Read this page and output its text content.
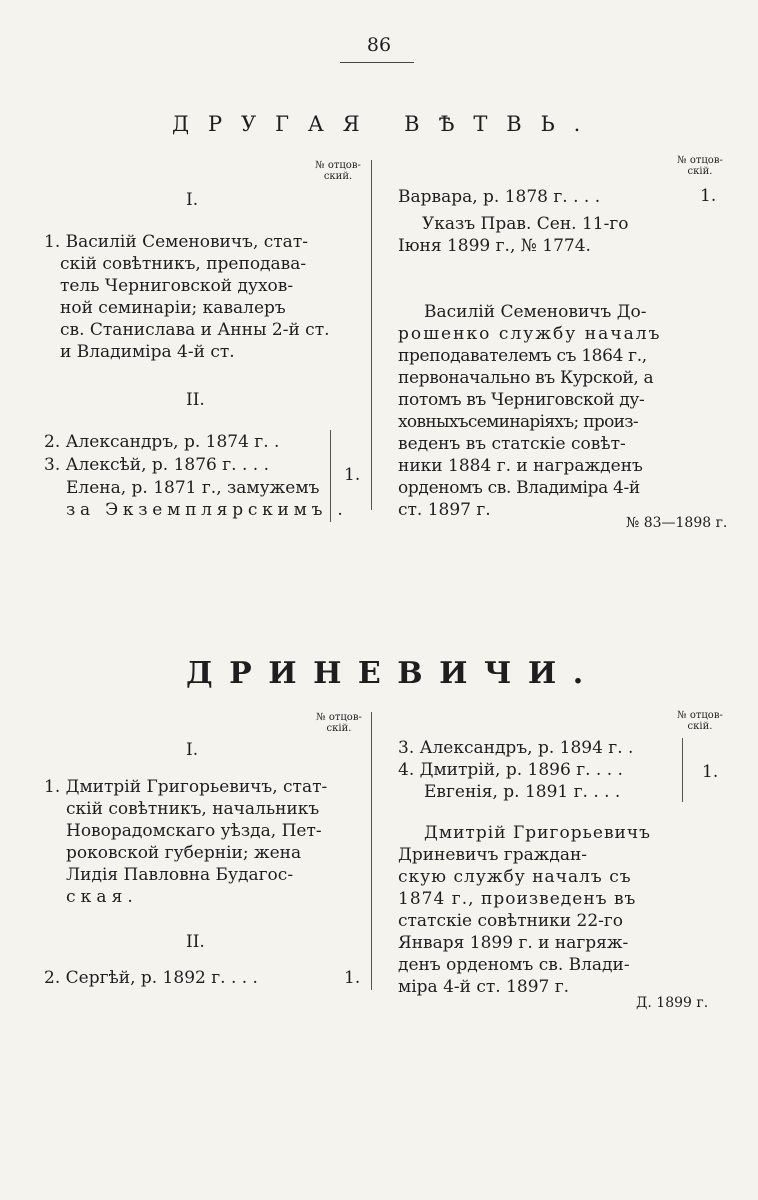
86
ДРУГАЯ ВѢТВЬ.
№ отцов-ский.
I.
1. Василій Семеновичъ, стат-
скій совѣтникъ, преподава-
тель Черниговской духов-
ной семинаріи; кавалеръ
св. Станислава и Анны 2-й ст.
и Владиміра 4-й ст.
II.
2. Александръ, р. 1874 г. .
3. Алексѣй, р. 1876 г. . . .
Елена, р. 1871 г., замужемъ
за Экземплярскимъ .
1.
№ отцов-скій.
Варвара, р. 1878 г. . . .	1.
Указъ Прав. Сен. 11-го
Іюня 1899 г., № 1774.
Василій Семеновичъ До-
рошенко службу началъ
преподавателемъ съ 1864 г.,
первоначально въ Курской, а
потомъ въ Черниговской ду-
ховныхъсеминаріяхъ; произ-
веденъ въ статскіе совѣт-
ники 1884 г. и награжденъ
орденомъ св. Владиміра 4-й
ст. 1897 г.
№ 83—1898 г.
ДРИНЕВИЧИ.
№ отцов-скій.
I.
1. Дмитрій Григорьевичъ, стат-
скій совѣтникъ, начальникъ
Новорадомскаго уѣзда, Пет-
роковской губерніи; жена
Лидія Павловна Будагос-
ская.
II.
2. Сергѣй, р. 1892 г. . . .	1.
№ отцов-скій.
3. Александръ, р. 1894 г. .
4. Дмитрій, р. 1896 г. . . .
Евгенія, р. 1891 г. . . .
1.
Дмитрій Григорьевичъ
Дриневичъ граждан-
скую службу началъ съ
1874 г., произведенъ въ
статскіе совѣтники 22-го
Января 1899 г. и нагряж-
денъ орденомъ св. Влади-
міра 4-й ст. 1897 г.
Д. 1899 г.
